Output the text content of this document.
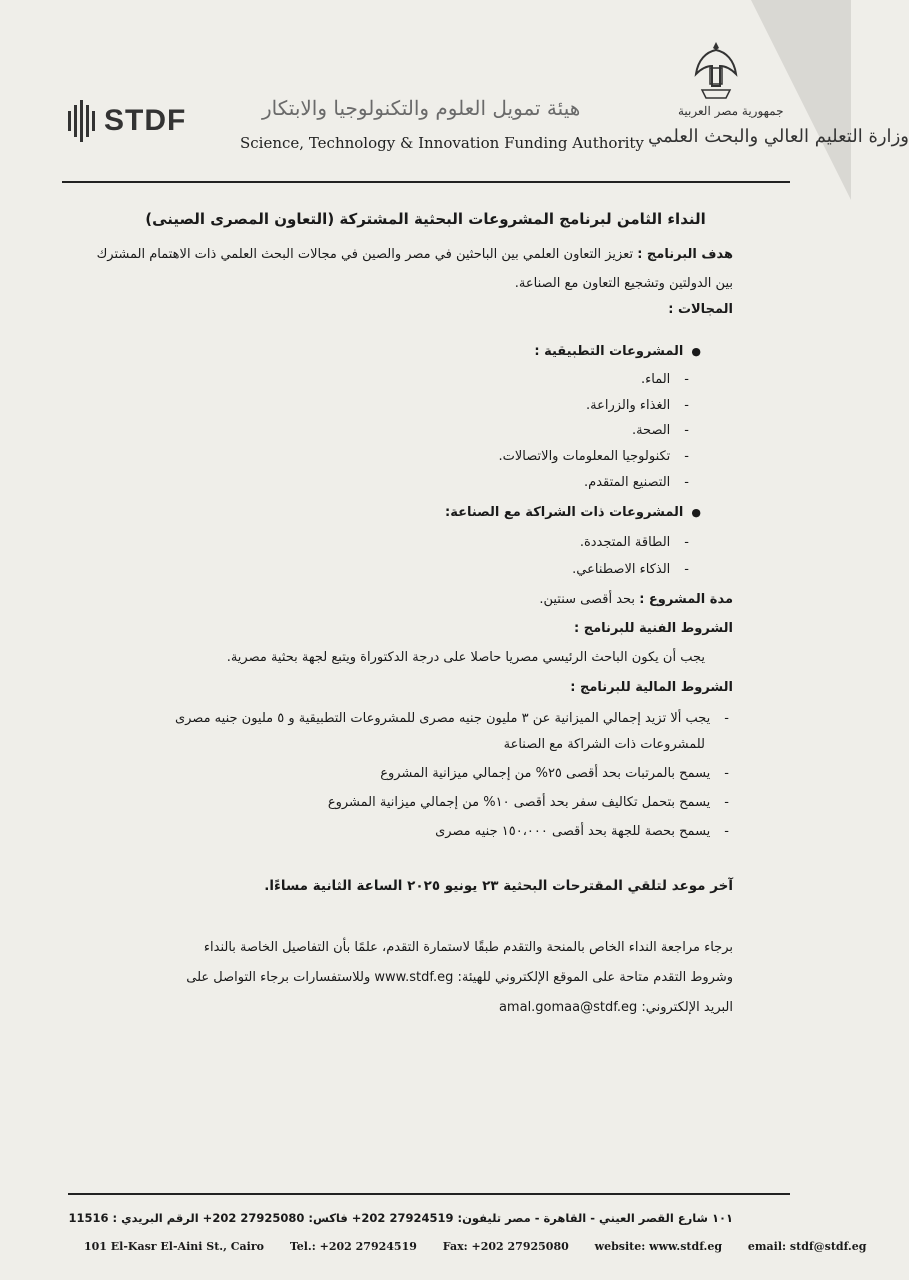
STDF	هيئة تمويل العلوم والتكنولوجيا والابتكار
Science, Technology & Innovation Funding Authority
جمهورية مصر العربية
وزارة التعليم العالي والبحث العلمي
النداء الثامن لبرنامج المشروعات البحثية المشتركة (التعاون المصرى الصينى)
هدف البرنامج : تعزيز التعاون العلمي بين الباحثين في مصر والصين في مجالات البحث العلمي ذات الاهتمام المشترك
بين الدولتين وتشجيع التعاون مع الصناعة.
المجالات :
● المشروعات التطبيقية :
- الماء.
- الغذاء والزراعة.
- الصحة.
- تكنولوجيا المعلومات والاتصالات.
- التصنيع المتقدم.
● المشروعات ذات الشراكة مع الصناعة:
- الطاقة المتجددة.
- الذكاء الاصطناعي.
مدة المشروع : بحد أقصى سنتين.
الشروط الفنية للبرنامج :
يجب أن يكون الباحث الرئيسي مصريا حاصلا على درجة الدكتوراة ويتبع لجهة بحثية مصرية.
الشروط المالية للبرنامج :
- يجب ألا تزيد إجمالي الميزانية عن ٣ مليون جنيه مصرى للمشروعات التطبيقية و ٥ مليون جنيه مصرى
للمشروعات ذات الشراكة مع الصناعة
- يسمح بالمرتبات بحد أقصى ٢٥% من إجمالي ميزانية المشروع
- يسمح بتحمل تكاليف سفر بحد أقصى ١٠% من إجمالي ميزانية المشروع
- يسمح بحصة للجهة بحد أقصى ١٥٠،٠٠٠ جنيه مصرى
آخر موعد لتلقي المقترحات البحثية ٢٣ يونيو ٢٠٢٥ الساعة الثانية مساءًا.
برجاء مراجعة النداء الخاص بالمنحة والتقدم طبقًا لاستمارة التقدم، علمًا بأن التفاصيل الخاصة بالنداء
وشروط التقدم متاحة على الموقع الإلكتروني للهيئة: www.stdf.eg وللاستفسارات برجاء التواصل على
البريد الإلكتروني: amal.gomaa@stdf.eg
١٠١ شارع القصر العيني - القاهرة - مصر تليفون: 27924519 202+ فاكس: 27925080 202+ الرقم البريدي : 11516
101 El-Kasr El-Aini St., Cairo Tel.: +202 27924519 Fax: +202 27925080 website: www.stdf.eg email: stdf@stdf.eg
